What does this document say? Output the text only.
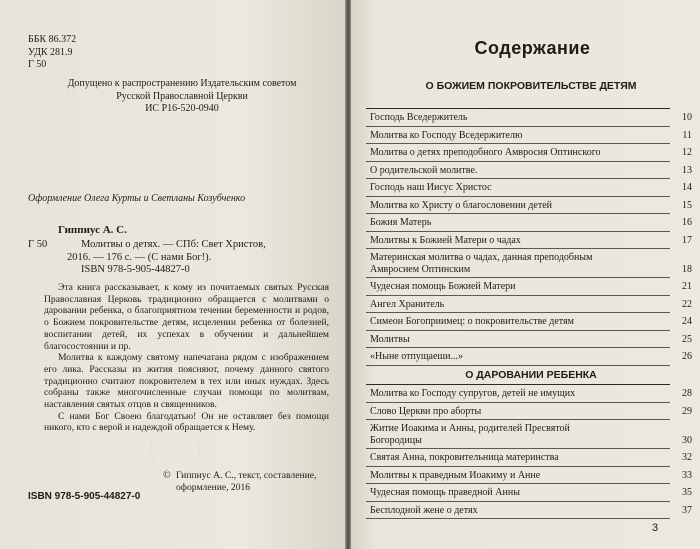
ББК 86.372
УДК 281.9
Г 50
Допущено к распространению Издательским советом
Русской Православной Церкви
ИС Р16-520-0940
Оформление Олега Курты и Светланы Козубченко
Гиппиус А. С.
Г 50	Молитвы о детях. — СПб: Свет Христов,
2016. — 176 с. — (С нами Бог!).
ISBN 978-5-905-44827-0

Эта книга рассказывает, к кому из почитаемых святых Русская Православная Церковь традиционно обращается с молитвами о даровании ребенка, о благоприятном течении беременности и родов, о Божием покровительстве детям, исцелении ребенка от болезней, воспитании детей, их успехах в обучении и дальнейшем благосостоянии и пр.

Молитва к каждому святому напечатана рядом с изображением его лика. Рассказы из жития поясняют, почему данного святого традиционно считают покровителем в тех или иных нуждах. Здесь собраны также многочисленные случаи помощи по молитвам, наставления святых отцов и священников.

С нами Бог Своею благодатью! Он не оставляет без помощи никого, кто с верой и надеждой обращается к Нему.

© Гиппиус А. С., текст, составление, оформление, 2016
ISBN 978-5-905-44827-0
Содержание
О БОЖИЕМ ПОКРОВИТЕЛЬСТВЕ ДЕТЯМ
Господь Вседержитель	10
Молитва ко Господу Вседержителю	11
Молитва о детях преподобного Амвросия Оптинского	12
О родительской молитве.	13
Господь наш Иисус Христос	14
Молитва ко Христу о благословении детей	15
Божия Матерь	16
Молитвы к Божией Матери о чадах	17
Материнская молитва о чадах, данная преподобным Амвросием Оптинским	18
Чудесная помощь Божией Матери	21
Ангел Хранитель	22
Симеон Богоприимец: о покровительстве детям	24
Молитвы	25
«Ныне отпущаеши...»	26
О ДАРОВАНИИ РЕБЕНКА
Молитва ко Господу супругов, детей не имущих	28
Слово Церкви про аборты	29
Житие Иоакима и Анны, родителей Пресвятой Богородицы	30
Святая Анна, покровительница материнства	32
Молитвы к праведным Иоакиму и Анне	33
Чудесная помощь праведной Анны	35
Бесплодной жене о детях	37
3
